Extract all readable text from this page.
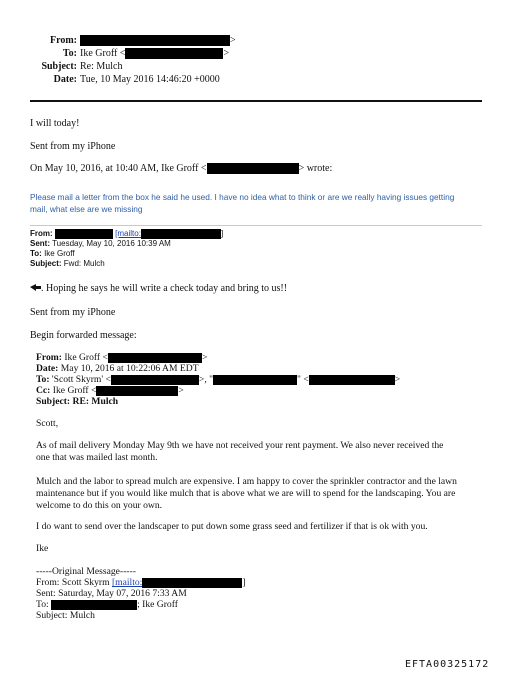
From:	>
To: Ike Groff <	>
Subject: Re: Mulch
Date: Tue, 10 May 2016 14:46:20 +0000
I will today!
Sent from my iPhone
On May 10, 2016, at 10:40 AM, Ike Groff <	> wrote:
Please mail a letter from the box he said he used. I have no idea what to think or are we really having issues getting
mail, what else are we missing
From:	[mailto:	]
Sent: Tuesday, May 10, 2016 10:39 AM
To: Ike Groff
Subject: Fwd: Mulch
. Hoping he says he will write a check today and bring to us!!
Sent from my iPhone
Begin forwarded message:
From: Ike Groff <	>
Date: May 10, 2016 at 10:22:06 AM EDT
To: 'Scott Skyrm' <	>, "	" <	>
Cc: Ike Groff <	>
Subject: RE: Mulch
Scott,
As of mail delivery Monday May 9th we have not received your rent payment. We also never received the
one that was mailed last month.
Mulch and the labor to spread mulch are expensive. I am happy to cover the sprinkler contractor and the lawn
maintenance but if you would like mulch that is above what we are will to spend for the landscaping. You are
welcome to do this on your own.
I do want to send over the landscaper to put down some grass seed and fertilizer if that is ok with you.
Ike
-----Original Message-----
From: Scott Skyrm [mailto:	]
Sent: Saturday, May 07, 2016 7:33 AM
To:	; Ike Groff
Subject: Mulch
EFTA00325172
